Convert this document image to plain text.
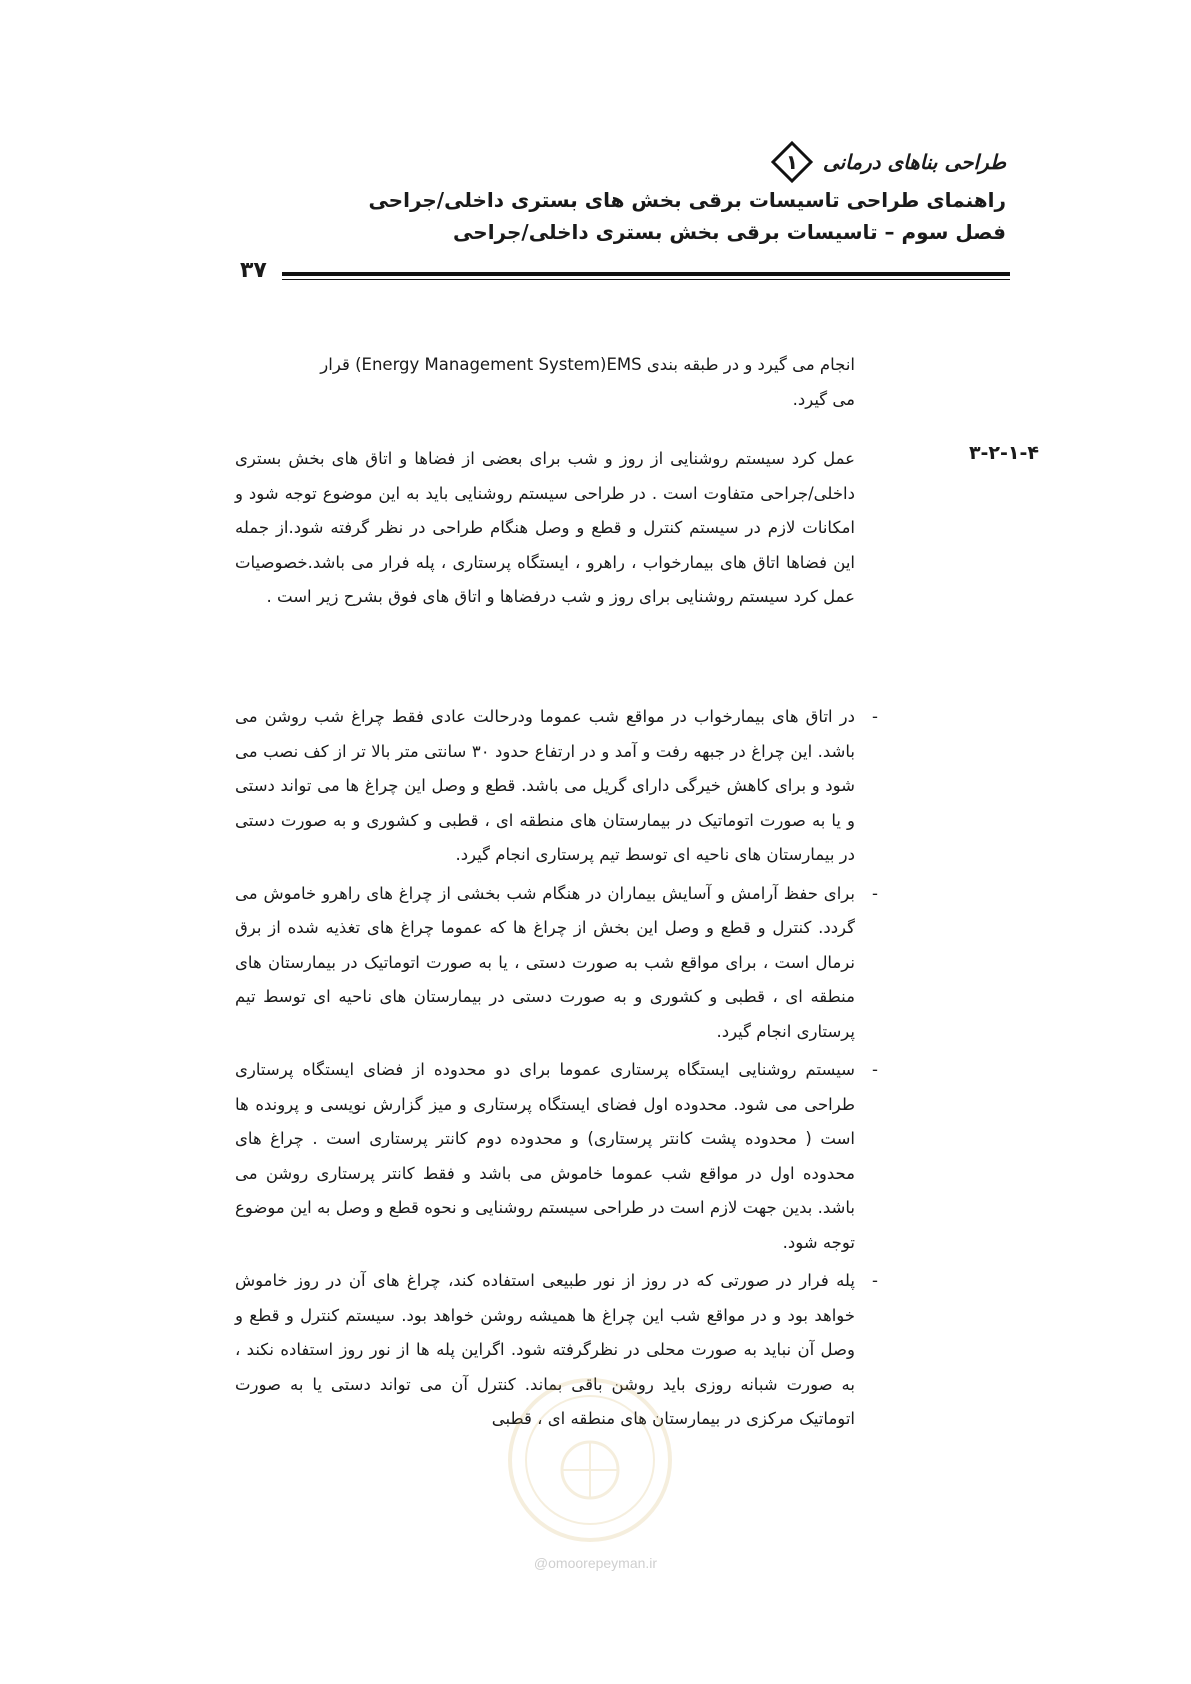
طراحی بناهای درمانی
۱
راهنمای طراحی تاسیسات برقی بخش های بستری داخلی/جراحی
فصل سوم – تاسیسات برقی بخش بستری داخلی/جراحی
۳۷
انجام می گیرد و در طبقه بندی (Energy Management System)EMS قرار
می گیرد.
۳-۲-۱-۴
عمل کرد سیستم روشنایی از روز و شب برای بعضی از فضاها و اتاق های بخش بستری داخلی/جراحی متفاوت است . در طراحی سیستم روشنایی باید به این موضوع توجه شود و امکانات لازم در سیستم کنترل و قطع و وصل هنگام طراحی در نظر گرفته شود.از جمله این فضاها اتاق های بیمارخواب ، راهرو ، ایستگاه پرستاری ، پله فرار می باشد.خصوصیات عمل کرد سیستم روشنایی برای روز و شب درفضاها و اتاق های فوق بشرح زیر است .
-
در اتاق های بیمارخواب در مواقع شب عموما ودرحالت عادی فقط چراغ شب روشن می باشد. این چراغ در جبهه رفت و آمد و در ارتفاع حدود ۳۰ سانتی متر بالا تر از کف نصب می شود و برای کاهش خیرگی دارای گریل می باشد. قطع و وصل این چراغ ها می تواند دستی و یا به صورت اتوماتیک در بیمارستان های منطقه ای ، قطبی و کشوری و به صورت دستی در بیمارستان های ناحیه ای توسط تیم پرستاری انجام گیرد.
-
برای حفظ آرامش و آسایش بیماران در هنگام شب بخشی از چراغ های راهرو خاموش می گردد. کنترل و قطع و وصل این بخش از چراغ ها که عموما چراغ های تغذیه شده از برق نرمال است ، برای مواقع شب به صورت دستی ، یا به صورت اتوماتیک در بیمارستان های منطقه ای ، قطبی و کشوری و به صورت دستی در بیمارستان های ناحیه ای توسط تیم پرستاری انجام گیرد.
-
سیستم روشنایی ایستگاه پرستاری عموما برای دو محدوده از فضای ایستگاه پرستاری طراحی می شود. محدوده اول فضای ایستگاه پرستاری و میز گزارش نویسی و پرونده ها است ( محدوده پشت کانتر پرستاری) و محدوده دوم کانتر پرستاری است . چراغ های محدوده اول در مواقع شب عموما خاموش می باشد و فقط کانتر پرستاری روشن می باشد. بدین جهت لازم است در طراحی سیستم روشنایی و نحوه قطع و وصل به این موضوع توجه شود.
-
پله فرار در صورتی که در روز از نور طبیعی استفاده کند، چراغ های آن در روز خاموش خواهد بود و در مواقع شب این چراغ ها همیشه روشن خواهد بود. سیستم کنترل و قطع و وصل آن نباید به صورت محلی در نظرگرفته شود. اگراین پله ها از نور روز استفاده نکند ، به صورت شبانه روزی باید روشن باقی بماند. کنترل آن می تواند دستی یا به صورت اتوماتیک مرکزی در بیمارستان های منطقه ای ، قطبی
@omoorepeyman.ir
